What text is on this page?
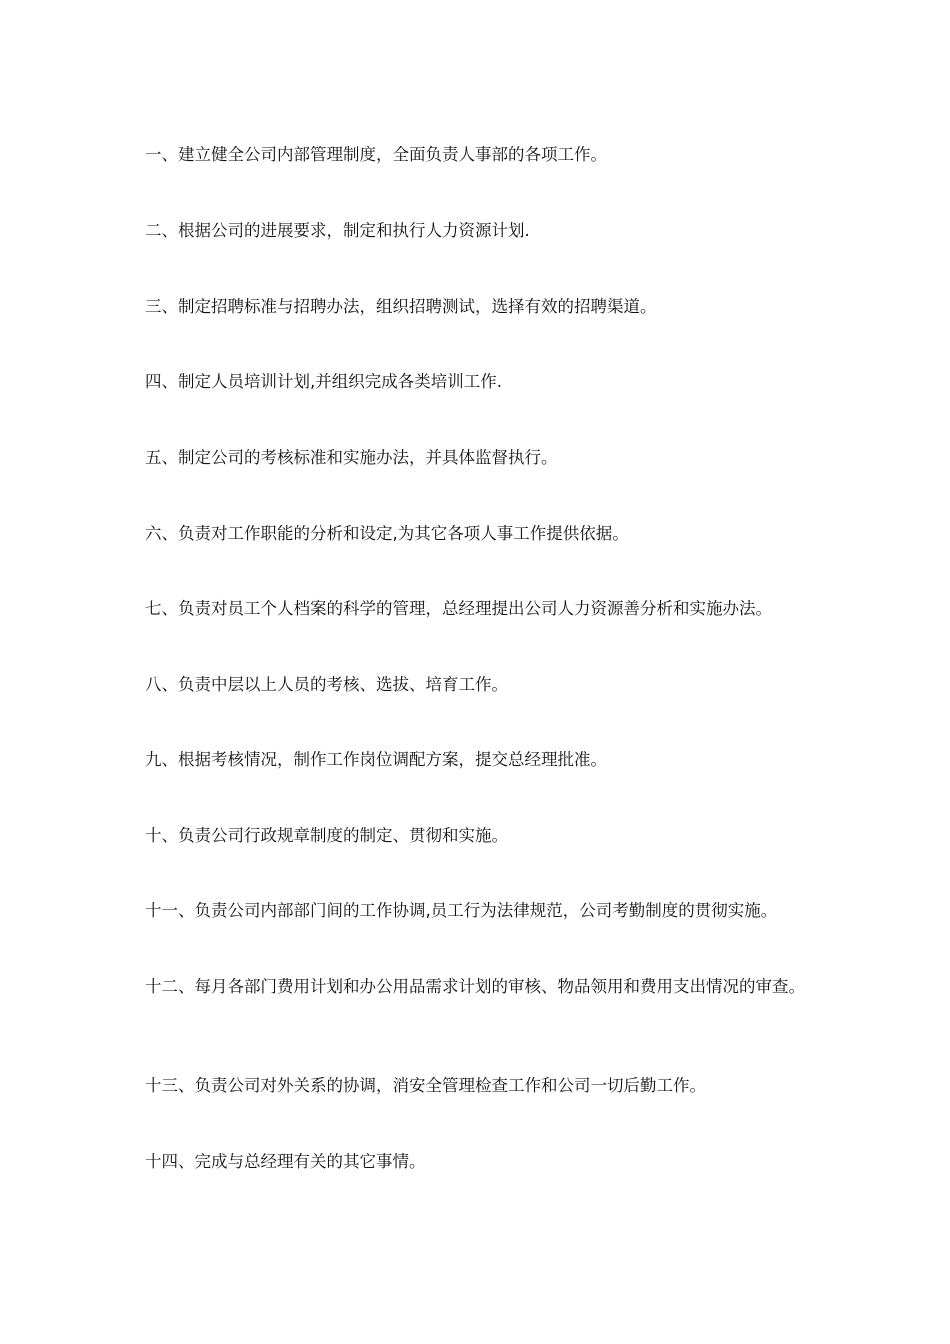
一、建立健全公司内部管理制度，全面负责人事部的各项工作。

二、根据公司的进展要求，制定和执行人力资源计划.

三、制定招聘标准与招聘办法，组织招聘测试，选择有效的招聘渠道。

四、制定人员培训计划,并组织完成各类培训工作.

五、制定公司的考核标准和实施办法，并具体监督执行。

六、负责对工作职能的分析和设定,为其它各项人事工作提供依据。

七、负责对员工个人档案的科学的管理，总经理提出公司人力资源善分析和实施办法。

八、负责中层以上人员的考核、选拔、培育工作。

九、根据考核情况，制作工作岗位调配方案，提交总经理批准。

十、负责公司行政规章制度的制定、贯彻和实施。

十一、负责公司内部部门间的工作协调,员工行为法律规范，公司考勤制度的贯彻实施。

十二、每月各部门费用计划和办公用品需求计划的审核、物品领用和费用支出情况的审查。

十三、负责公司对外关系的协调，消安全管理检查工作和公司一切后勤工作。

十四、完成与总经理有关的其它事情。
